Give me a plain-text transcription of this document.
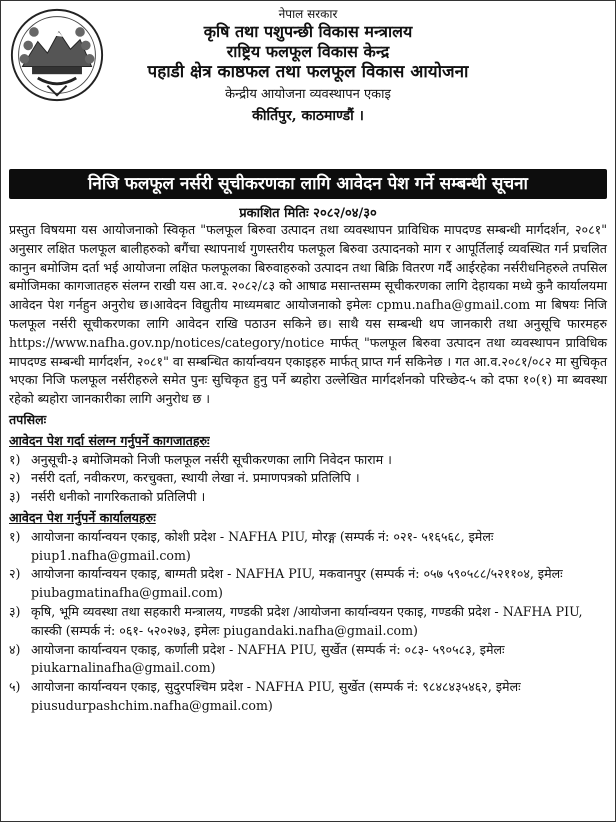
नेपाल सरकार

कृषि तथा पशुपन्छी विकास मन्त्रालय

राष्ट्रिय फलफूल विकास केन्द्र

पहाडी क्षेत्र काष्ठफल तथा फलफूल विकास आयोजना

केन्द्रीय आयोजना व्यवस्थापन एकाइ

कीर्तिपुर, काठमाण्डौं ।

निजि फलफूल नर्सरी सूचीकरणका लागि आवेदन पेश गर्ने सम्बन्धी सूचना
प्रकाशित मितिः २०८२/०४/३०

प्रस्तुत विषयमा यस आयोजनाको स्विकृत "फलफूल बिरुवा उत्पादन तथा व्यवस्थापन प्राविधिक मापदण्ड सम्बन्धी मार्गदर्शन, २०८१" अनुसार लक्षित फलफूल बालीहरुको बगैंचा स्थापनार्थ गुणस्तरीय फलफूल बिरुवा उत्पादनको माग र आपूर्तिलाई व्यवस्थित गर्न प्रचलित कानुन बमोजिम दर्ता भई आयोजना लक्षित फलफूलका बिरुवाहरुको उत्पादन तथा बिक्रि वितरण गर्दै आईरहेका नर्सरीधनिहरुले तपसिल बमोजिमका कागजातहरु संलग्न राखी यस आ.व. २०८२/८३ को आषाढ मसान्तसम्म सूचीकरणका लागि देहायका मध्ये कुनै कार्यालयमा आवेदन पेश गर्नहुन अनुरोध छ।आवेदन विद्युतीय माध्यमबाट आयोजनाको इमेलः cpmu.nafha@gmail.com मा बिषयः निजि फलफूल नर्सरी सूचीकरणका लागि आवेदन राखि पठाउन सकिने छ। साथै यस सम्बन्धी थप जानकारी तथा अनुसूचि फारमहरु https://www.nafha.gov.np/notices/category/notice मार्फत् "फलफूल बिरुवा उत्पादन तथा व्यवस्थापन प्राविधिक मापदण्ड सम्बन्धी मार्गदर्शन, २०८१" वा सम्बन्धित कार्यान्वयन एकाइहरु मार्फत् प्राप्त गर्न सकिनेछ । गत आ.व.२०८१/०८२ मा सुचिकृत भएका निजि फलफूल नर्सरीहरुले समेत पुनः सुचिकृत हुनु पर्ने ब्यहोरा उल्लेखित मार्गदर्शनको परिच्छेद-५ को दफा १०(१) मा ब्यवस्था रहेको ब्यहोरा जानकारीका लागि अनुरोध छ ।

तपसिलः

आवेदन पेश गर्दा संलग्न गर्नुपर्ने कागजातहरुः

१) अनुसूची-३ बमोजिमको निजी फलफूल नर्सरी सूचीकरणका लागि निवेदन फाराम ।
२) नर्सरी दर्ता, नवीकरण, करचुक्ता, स्थायी लेखा नं. प्रमाणपत्रको प्रतिलिपि ।
३) नर्सरी धनीको नागरिकताको प्रतिलिपी ।

आवेदन पेश गर्नुपर्ने कार्यालयहरुः

१) आयोजना कार्यान्वयन एकाइ, कोशी प्रदेश - NAFHA PIU, मोरङ्ग (सम्पर्क नं: ०२१- ५१६५६८, इमेलः piup1.nafha@gmail.com)
२) आयोजना कार्यान्वयन एकाइ, बाग्मती प्रदेश - NAFHA PIU, मकवानपुर (सम्पर्क नं: ०५७ ५९०५८८/५२११०४, इमेलः piubagmatinafha@gmail.com)
३) कृषि, भूमि व्यवस्था तथा सहकारी मन्त्रालय, गण्डकी प्रदेश /आयोजना कार्यान्वयन एकाइ, गण्डकी प्रदेश - NAFHA PIU, कास्की (सम्पर्क नं: ०६१- ५२०२७३, इमेलः piugandaki.nafha@gmail.com)
४) आयोजना कार्यान्वयन एकाइ, कर्णाली प्रदेश - NAFHA PIU, सुर्खेत (सम्पर्क नं: ०८३- ५९०५८३, इमेलः piukarnalinafha@gmail.com)
५) आयोजना कार्यान्वयन एकाइ, सुदुरपश्चिम प्रदेश - NAFHA PIU, सुर्खेत (सम्पर्क नं: ९८४८४३५४६२, इमेलः piusudurpashchim.nafha@gmail.com)
